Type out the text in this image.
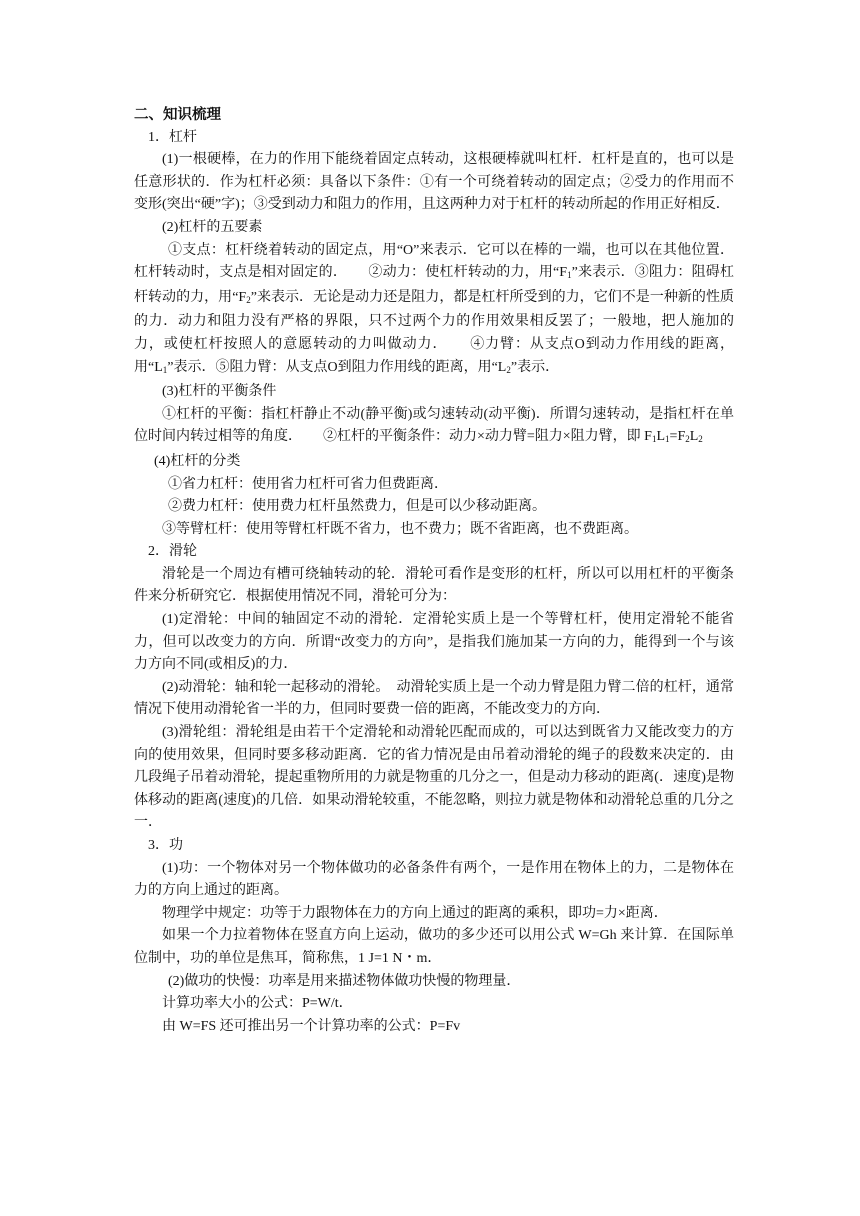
二、知识梳理

1．杠杆

(1)一根硬棒，在力的作用下能绕着固定点转动，这根硬棒就叫杠杆．杠杆是直的，也可以是任意形状的．作为杠杆必须：具备以下条件：①有一个可绕着转动的固定点；②受力的作用而不变形(突出“硬”字)；③受到动力和阻力的作用，且这两种力对于杠杆的转动所起的作用正好相反．

(2)杠杆的五要素

①支点：杠杆绕着转动的固定点，用“O”来表示．它可以在棒的一端，也可以在其他位置．杠杆转动时，支点是相对固定的．　　②动力：使杠杆转动的力，用“$F_1$”来表示．③阻力：阻碍杠杆转动的力，用“$F_2$”来表示．无论是动力还是阻力，都是杠杆所受到的力，它们不是一种新的性质的力．动力和阻力没有严格的界限，只不过两个力的作用效果相反罢了；一般地，把人施加的力，或使杠杆按照人的意愿转动的力叫做动力．　　④力臂：从支点O到动力作用线的距离，用“$L_1$”表示．⑤阻力臂：从支点O到阻力作用线的距离，用“$L_2$”表示．

(3)杠杆的平衡条件

①杠杆的平衡：指杠杆静止不动(静平衡)或匀速转动(动平衡)．所谓匀速转动，是指杠杆在单位时间内转过相等的角度．　　②杠杆的平衡条件：动力×动力臂=阻力×阻力臂，即 $F_1L_1=F_2L_2$

(4)杠杆的分类

①省力杠杆：使用省力杠杆可省力但费距离．

②费力杠杆：使用费力杠杆虽然费力，但是可以少移动距离。

③等臂杠杆：使用等臂杠杆既不省力，也不费力；既不省距离，也不费距离。

2．滑轮

滑轮是一个周边有槽可绕轴转动的轮．滑轮可看作是变形的杠杆，所以可以用杠杆的平衡条件来分析研究它．根据使用情况不同，滑轮可分为：

(1)定滑轮：中间的轴固定不动的滑轮．定滑轮实质上是一个等臂杠杆，使用定滑轮不能省力，但可以改变力的方向．所谓“改变力的方向”，是指我们施加某一方向的力，能得到一个与该力方向不同(或相反)的力．

(2)动滑轮：轴和轮一起移动的滑轮。　动滑轮实质上是一个动力臂是阻力臂二倍的杠杆，通常情况下使用动滑轮省一半的力，但同时要费一倍的距离，不能改变力的方向．

(3)滑轮组：滑轮组是由若干个定滑轮和动滑轮匹配而成的，可以达到既省力又能改变力的方向的使用效果，但同时要多移动距离．它的省力情况是由吊着动滑轮的绳子的段数来决定的．由几段绳子吊着动滑轮，提起重物所用的力就是物重的几分之一，但是动力移动的距离(．速度)是物体移动的距离(速度)的几倍．如果动滑轮较重，不能忽略，则拉力就是物体和动滑轮总重的几分之一．

3．功

(1)功：一个物体对另一个物体做功的必备条件有两个，一是作用在物体上的力，二是物体在力的方向上通过的距离。

物理学中规定：功等于力跟物体在力的方向上通过的距离的乘积，即功=力×距离．

如果一个力拉着物体在竖直方向上运动，做功的多少还可以用公式 W=Gh 来计算．在国际单位制中，功的单位是焦耳，简称焦，1 J=1 N・m．

(2)做功的快慢：功率是用来描述物体做功快慢的物理量．

计算功率大小的公式：P=W/t．

由 W=FS 还可推出另一个计算功率的公式：P=Fv
